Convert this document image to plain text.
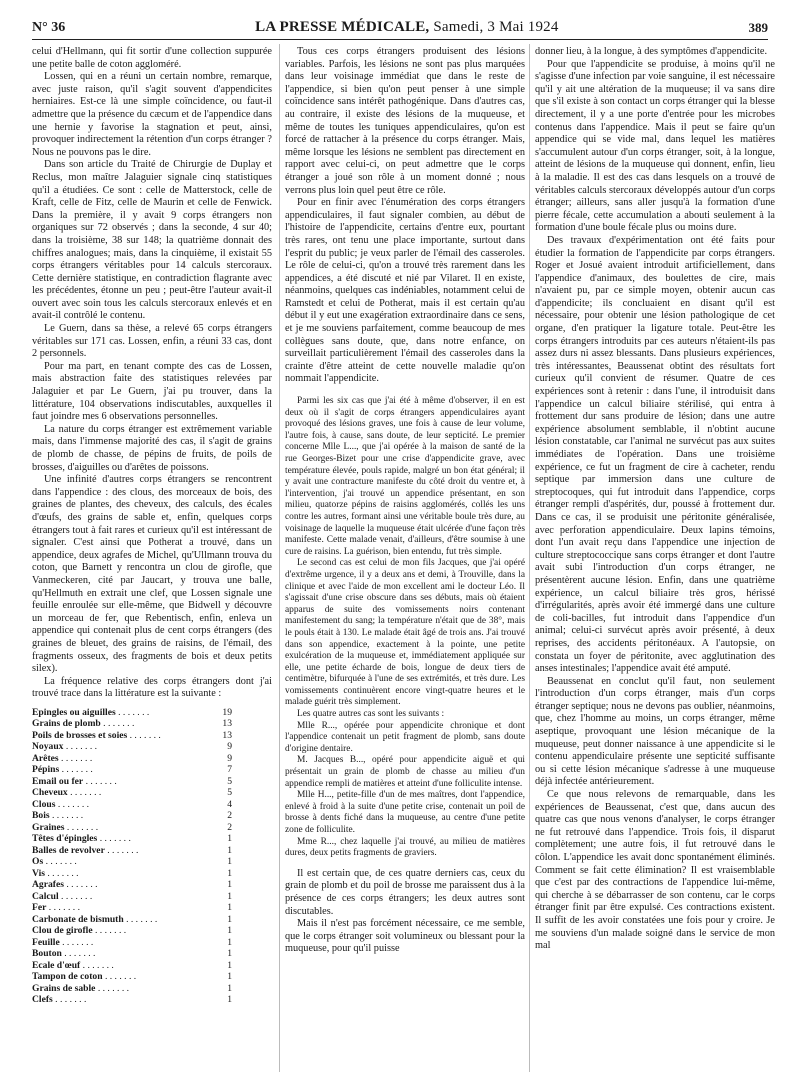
N° 36	LA PRESSE MÉDICALE, Samedi, 3 Mai 1924	389

celui d'Hellmann, qui fit sortir d'une collection suppurée une petite balle de coton aggloméré.

Lossen, qui en a réuni un certain nombre, remarque, avec juste raison, qu'il s'agit souvent d'appendicites herniaires. Est-ce là une simple coïncidence, ou faut-il admettre que la présence du cæcum et de l'appendice dans une hernie y favorise la stagnation et peut, ainsi, provoquer indirectement la rétention d'un corps étranger ? Nous ne pouvons pas le dire.

Dans son article du Traité de Chirurgie de Duplay et Reclus, mon maître Jalaguier signale cinq statistiques qu'il a étudiées. Ce sont : celle de Matterstock, celle de Kraft, celle de Fitz, celle de Maurin et celle de Fenwick. Dans la première, il y avait 9 corps étrangers non organiques sur 72 observés ; dans la seconde, 4 sur 40; dans la troisième, 38 sur 148; la quatrième donnait des chiffres analogues; mais, dans la cinquième, il existait 55 corps étrangers véritables pour 14 calculs stercoraux. Cette dernière statistique, en contradiction flagrante avec les précédentes, étonne un peu ; peut-être l'auteur avait-il ouvert avec soin tous les calculs stercoraux enlevés et en avait-il contrôlé le contenu.

Le Guern, dans sa thèse, a relevé 65 corps étrangers véritables sur 171 cas. Lossen, enfin, a réuni 33 cas, dont 2 personnels.

Pour ma part, en tenant compte des cas de Lossen, mais abstraction faite des statistiques relevées par Jalaguier et par Le Guern, j'ai pu trouver, dans la littérature, 104 observations indiscutables, auxquelles il faut joindre mes 6 observations personnelles.

La nature du corps étranger est extrêmement variable mais, dans l'immense majorité des cas, il s'agit de grains de plomb de chasse, de pépins de fruits, de poils de brosses, d'aiguilles ou d'arêtes de poissons.

Une infinité d'autres corps étrangers se rencontrent dans l'appendice : des clous, des morceaux de bois, des graines de plantes, des cheveux, des calculs, des écales d'œufs, des grains de sable et, enfin, quelques corps étrangers tout à fait rares et curieux qu'il est intéressant de signaler. C'est ainsi que Potherat a trouvé, dans un appendice, deux agrafes de Michel, qu'Ullmann trouva du coton, que Barnett y rencontra un clou de girofle, que Vanmeckeren, cité par Jaucart, y trouva une balle, qu'Hellmuth en extrait une clef, que Lossen signale une feuille enroulée sur elle-même, que Bidwell y découvre un morceau de fer, que Rebentisch, enfin, enleva un appendice qui contenait plus de cent corps étrangers (des graines de bleuet, des grains de raisins, de l'émail, des fragments osseux, des fragments de bois et deux petits silex).

La fréquence relative des corps étrangers dont j'ai trouvé trace dans la littérature est la suivante :

Epingles ou aiguilles . . . . . . .	19
Grains de plomb . . . . . . .	13
Poils de brosses et soies . . . . . . .	13
Noyaux . . . . . . .	9
Arêtes . . . . . . .	9
Pépins . . . . . . .	7
Email ou fer . . . . . . .	5
Cheveux . . . . . . .	5
Clous . . . . . . .	4
Bois . . . . . . .	2
Graines . . . . . . .	2
Têtes d'épingles . . . . . . .	1
Balles de revolver . . . . . . .	1
Os . . . . . . .	1
Vis . . . . . . .	1
Agrafes . . . . . . .	1
Calcul . . . . . . .	1
Fer . . . . . . .	1
Carbonate de bismuth . . . . . . .	1
Clou de girofle . . . . . . .	1
Feuille . . . . . . .	1
Bouton . . . . . . .	1
Ecale d'œuf . . . . . . .	1
Tampon de coton . . . . . . .	1
Grains de sable . . . . . . .	1
Clefs . . . . . . .	1

Tous ces corps étrangers produisent des lésions variables. Parfois, les lésions ne sont pas plus marquées dans leur voisinage immédiat que dans le reste de l'appendice, si bien qu'on peut penser à une simple coïncidence sans intérêt pathogénique. Dans d'autres cas, au contraire, il existe des lésions de la muqueuse, et même de toutes les tuniques appendiculaires, qu'on est forcé de rattacher à la présence du corps étranger. Mais, même lorsque les lésions ne semblent pas directement en rapport avec celui-ci, on peut admettre que le corps étranger a joué son rôle à un moment donné ; nous verrons plus loin quel peut être ce rôle.

Pour en finir avec l'énumération des corps étrangers appendiculaires, il faut signaler combien, au début de l'histoire de l'appendicite, certains d'entre eux, pourtant très rares, ont tenu une place importante, surtout dans l'esprit du public; je veux parler de l'émail des casseroles. Le rôle de celui-ci, qu'on a trouvé très rarement dans les appendices, a été discuté et nié par Vilaret. Il en existe, néanmoins, quelques cas indéniables, notamment celui de Ramstedt et celui de Potherat, mais il est certain qu'au début il y eut une exagération extraordinaire dans ce sens, et je me souviens parfaitement, comme beaucoup de mes collègues sans doute, que, dans notre enfance, on surveillait particulièrement l'émail des casseroles dans la crainte d'être atteint de cette nouvelle maladie qu'on nommait l'appendicite.

Parmi les six cas que j'ai été à même d'observer, il en est deux où il s'agit de corps étrangers appendiculaires ayant provoqué des lésions graves, une fois à cause de leur volume, l'autre fois, à cause, sans doute, de leur septicité. Le premier concerne Mlle L..., que j'ai opérée à la maison de santé de la rue Georges-Bizet pour une crise d'appendicite grave, avec température élevée, pouls rapide, malgré un bon état général; il y avait une contracture manifeste du côté droit du ventre et, à l'intervention, j'ai trouvé un appendice présentant, en son milieu, quatorze pépins de raisins agglomérés, collés les uns contre les autres, formant ainsi une véritable boule très dure, au voisinage de laquelle la muqueuse était ulcérée d'une façon très manifeste. Cette malade venait, d'ailleurs, d'être soumise à une cure de raisins. La guérison, bien entendu, fut très simple.

Le second cas est celui de mon fils Jacques, que j'ai opéré d'extrême urgence, il y a deux ans et demi, à Trouville, dans la clinique et avec l'aide de mon excellent ami le docteur Léo. Il s'agissait d'une crise obscure dans ses débuts, mais où étaient apparus de suite des vomissements noirs contenant manifestement du sang; la température n'était que de 38°, mais le pouls était à 130. Le malade était âgé de trois ans. J'ai trouvé dans son appendice, exactement à la pointe, une petite exulcération de la muqueuse et, immédiatement appliquée sur elle, une petite écharde de bois, longue de deux tiers de centimètre, bifurquée à l'une de ses extrémités, et très dure. Les vomissements continuèrent encore vingt-quatre heures et le malade guérit très simplement.

Les quatre autres cas sont les suivants :

Mlle R..., opérée pour appendicite chronique et dont l'appendice contenait un petit fragment de plomb, sans doute d'origine dentaire.

M. Jacques B..., opéré pour appendicite aiguë et qui présentait un grain de plomb de chasse au milieu d'un appendice rempli de matières et atteint d'une folliculite intense.

Mlle H..., petite-fille d'un de mes maîtres, dont l'appendice, enlevé à froid à la suite d'une petite crise, contenait un poil de brosse à dents fiché dans la muqueuse, au centre d'une petite zone de folliculite.

Mme R..., chez laquelle j'ai trouvé, au milieu de matières dures, deux petits fragments de graviers.

Il est certain que, de ces quatre derniers cas, ceux du grain de plomb et du poil de brosse me paraissent dus à la présence de ces corps étrangers; les deux autres sont discutables.

Mais il n'est pas forcément nécessaire, ce me semble, que le corps étranger soit volumineux ou blessant pour la muqueuse, pour qu'il puisse

donner lieu, à la longue, à des symptômes d'appendicite.

Pour que l'appendicite se produise, à moins qu'il ne s'agisse d'une infection par voie sanguine, il est nécessaire qu'il y ait une altération de la muqueuse; il va sans dire que s'il existe à son contact un corps étranger qui la blesse directement, il y a une porte d'entrée pour les microbes contenus dans l'appendice. Mais il peut se faire qu'un appendice qui se vide mal, dans lequel les matières s'accumulent autour d'un corps étranger, soit, à la longue, atteint de lésions de la muqueuse qui donnent, enfin, lieu à la maladie. Il est des cas dans lesquels on a trouvé de véritables calculs stercoraux développés autour d'un corps étranger; ailleurs, sans aller jusqu'à la formation d'une pierre fécale, cette accumulation a abouti seulement à la formation d'une boule fécale plus ou moins dure.

Des travaux d'expérimentation ont été faits pour étudier la formation de l'appendicite par corps étrangers. Roger et Josué avaient introduit artificiellement, dans l'appendice d'animaux, des boulettes de cire, mais n'avaient pu, par ce simple moyen, obtenir aucun cas d'appendicite; ils concluaient en disant qu'il est nécessaire, pour obtenir une lésion pathologique de cet organe, d'en pratiquer la ligature totale. Peut-être les corps étrangers introduits par ces auteurs n'étaient-ils pas assez durs ni assez blessants. Dans plusieurs expériences, très intéressantes, Beaussenat obtint des résultats fort curieux qu'il convient de résumer. Quatre de ces expériences sont à retenir : dans l'une, il introduisit dans l'appendice un calcul biliaire stérilisé, qui entra à frottement dur sans produire de lésion; dans une autre expérience absolument semblable, il n'obtint aucune lésion constatable, car l'animal ne survécut pas aux suites immédiates de l'opération. Dans une troisième expérience, ce fut un fragment de cire à cacheter, rendu septique par immersion dans une culture de streptocoques, qui fut introduit dans l'appendice, corps étranger rempli d'aspérités, dur, poussé à frottement dur. Dans ce cas, il se produisit une péritonite généralisée, avec perforation appendiculaire. Deux lapins témoins, dont l'un avait reçu dans l'appendice une injection de culture streptococcique sans corps étranger et dont l'autre avait subi l'introduction d'un corps étranger, ne présentèrent aucune lésion. Enfin, dans une quatrième expérience, un calcul biliaire très gros, hérissé d'irrégularités, après avoir été immergé dans une culture de coli-bacilles, fut introduit dans l'appendice d'un animal; celui-ci survécut après avoir présenté, à deux reprises, des accidents péritonéaux. A l'autopsie, on constata un foyer de péritonite, avec agglutination des anses intestinales; l'appendice avait été amputé.

Beaussenat en conclut qu'il faut, non seulement l'introduction d'un corps étranger, mais d'un corps étranger septique; nous ne devons pas oublier, néanmoins, que, chez l'homme au moins, un corps étranger, même aseptique, provoquant une lésion mécanique de la muqueuse, peut donner naissance à une appendicite si le contenu appendiculaire présente une septicité suffisante ou si cette lésion mécanique s'adresse à une muqueuse déjà infectée antérieurement.

Ce que nous relevons de remarquable, dans les expériences de Beaussenat, c'est que, dans aucun des quatre cas que nous venons d'analyser, le corps étranger ne fut retrouvé dans l'appendice. Trois fois, il disparut complètement; une autre fois, il fut retrouvé dans le côlon. L'appendice les avait donc spontanément éliminés. Comment se fait cette élimination? Il est vraisemblable que c'est par des contractions de l'appendice lui-même, qui cherche à se débarrasser de son contenu, car le corps étranger finit par être expulsé. Ces contractions existent. Il suffit de les avoir constatées une fois pour y croire. Je me souviens d'un malade soigné dans le service de mon mal
